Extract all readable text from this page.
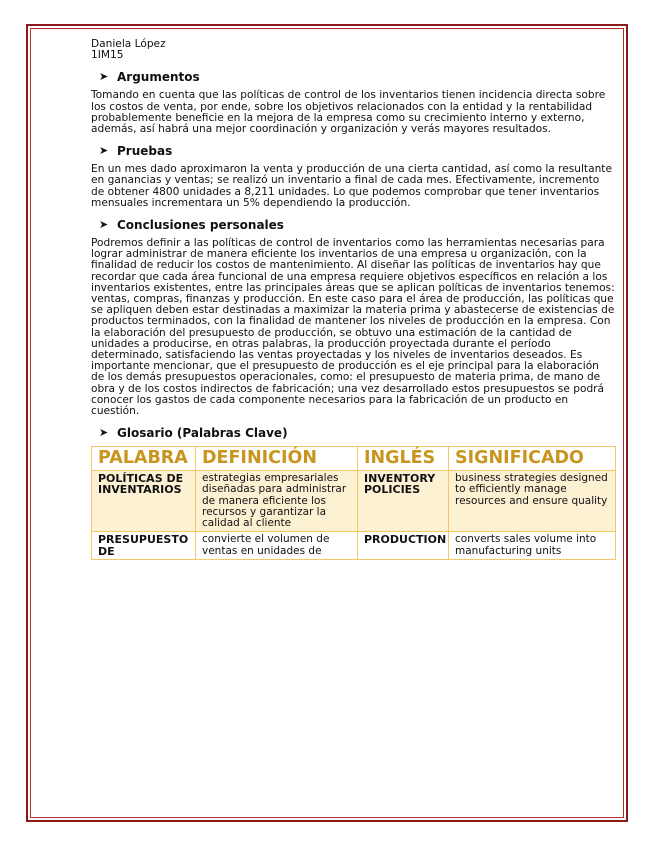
Daniela López

1IM15

➤ Argumentos

Tomando en cuenta que las políticas de control de los inventarios tienen incidencia directa sobre los costos de venta, por ende, sobre los objetivos relacionados con la entidad y la rentabilidad probablemente beneficie en la mejora de la empresa como su crecimiento interno y externo, además, así habrá una mejor coordinación y organización y verás mayores resultados.

➤ Pruebas

En un mes dado aproximaron la venta y producción de una cierta cantidad, así como la resultante en ganancias y ventas; se realizó un inventario a final de cada mes. Efectivamente, incremento de obtener 4800 unidades a 8,211 unidades. Lo que podemos comprobar que tener inventarios mensuales incrementara un 5% dependiendo la producción.

➤ Conclusiones personales

Podremos definir a las políticas de control de inventarios como las herramientas necesarias para lograr administrar de manera eficiente los inventarios de una empresa u organización, con la finalidad de reducir los costos de mantenimiento. Al diseñar las políticas de inventarios hay que recordar que cada área funcional de una empresa requiere objetivos específicos en relación a los inventarios existentes, entre las principales áreas que se aplican políticas de inventarios tenemos: ventas, compras, finanzas y producción. En este caso para el área de producción, las políticas que se apliquen deben estar destinadas a maximizar la materia prima y abastecerse de existencias de productos terminados, con la finalidad de mantener los niveles de producción en la empresa. Con la elaboración del presupuesto de producción, se obtuvo una estimación de la cantidad de unidades a producirse, en otras palabras, la producción proyectada durante el período determinado, satisfaciendo las ventas proyectadas y los niveles de inventarios deseados. Es importante mencionar, que el presupuesto de producción es el eje principal para la elaboración de los demás presupuestos operacionales, como: el presupuesto de materia prima, de mano de obra y de los costos indirectos de fabricación; una vez desarrollado estos presupuestos se podrá conocer los gastos de cada componente necesarios para la fabricación de un producto en cuestión.

➤ Glosario (Palabras Clave)
PALABRA	DEFINICIÓN	INGLÉS	SIGNIFICADO
POLÍTICAS DE INVENTARIOS	estrategias empresariales diseñadas para administrar de manera eficiente los recursos y garantizar la calidad al cliente	INVENTORY POLICIES	business strategies designed to efficiently manage resources and ensure quality
PRESUPUESTO DE	convierte el volumen de ventas en unidades de	PRODUCTION	converts sales volume into manufacturing units
